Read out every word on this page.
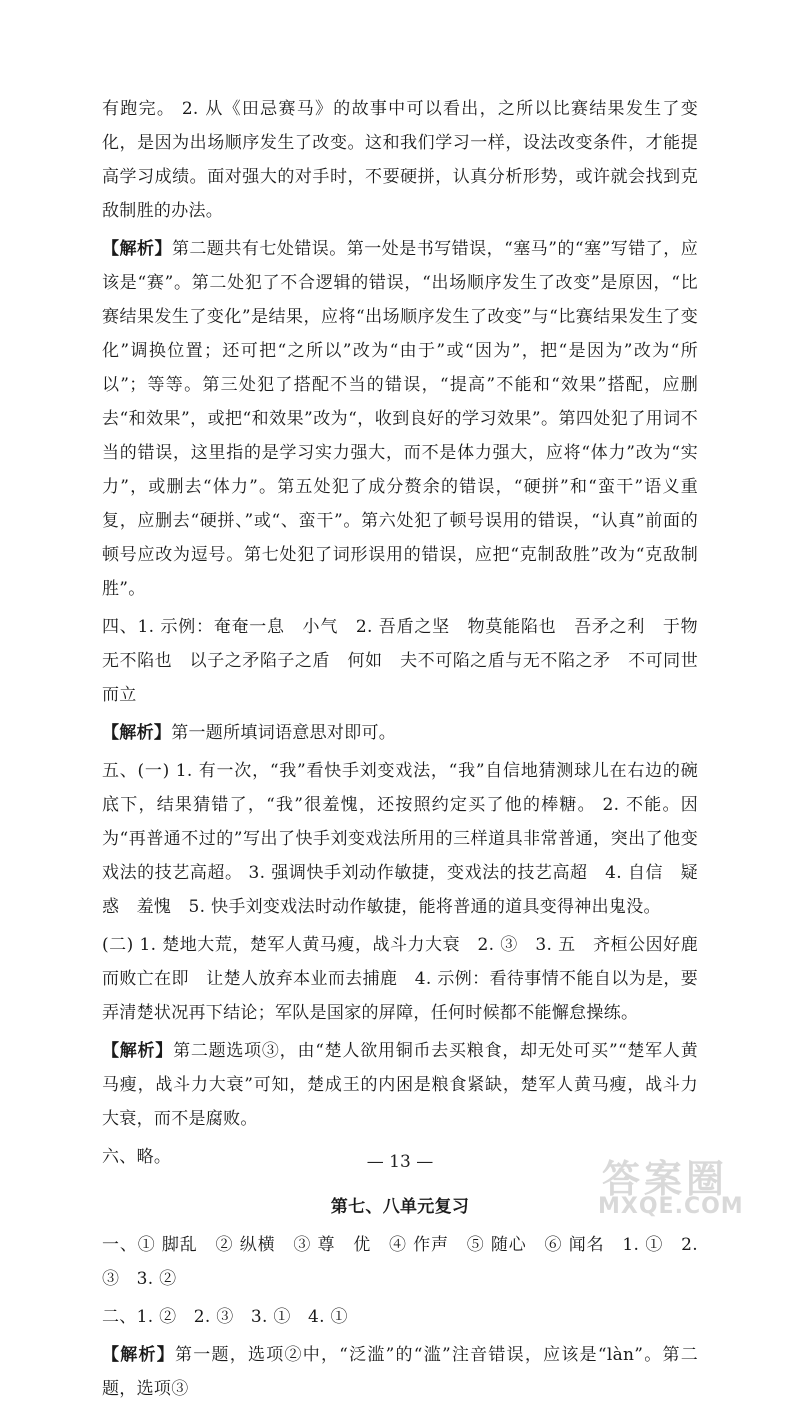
有跑完。 2. 从《田忌赛马》的故事中可以看出，之所以比赛结果发生了变化，是因为出场顺序发生了改变。这和我们学习一样，设法改变条件，才能提高学习成绩。面对强大的对手时，不要硬拼，认真分析形势，或许就会找到克敌制胜的办法。

【解析】第二题共有七处错误。第一处是书写错误，“塞马”的“塞”写错了，应该是“赛”。第二处犯了不合逻辑的错误，“出场顺序发生了改变”是原因，“比赛结果发生了变化”是结果，应将“出场顺序发生了改变”与“比赛结果发生了变化”调换位置；还可把“之所以”改为“由于”或“因为”，把“是因为”改为“所以”；等等。第三处犯了搭配不当的错误，“提高”不能和“效果”搭配，应删去“和效果”，或把“和效果”改为“，收到良好的学习效果”。第四处犯了用词不当的错误，这里指的是学习实力强大，而不是体力强大，应将“体力”改为“实力”，或删去“体力”。第五处犯了成分赘余的错误，“硬拼”和“蛮干”语义重复，应删去“硬拼、”或“、蛮干”。第六处犯了顿号误用的错误，“认真”前面的顿号应改为逗号。第七处犯了词形误用的错误，应把“克制敌胜”改为“克敌制胜”。

四、1. 示例：奄奄一息　小气　2. 吾盾之坚　物莫能陷也　吾矛之利　于物无不陷也　以子之矛陷子之盾　何如　夫不可陷之盾与无不陷之矛　不可同世而立

【解析】第一题所填词语意思对即可。

五、(一) 1. 有一次，“我”看快手刘变戏法，“我”自信地猜测球儿在右边的碗底下，结果猜错了，“我”很羞愧，还按照约定买了他的棒糖。 2. 不能。因为“再普通不过的”写出了快手刘变戏法所用的三样道具非常普通，突出了他变戏法的技艺高超。 3. 强调快手刘动作敏捷，变戏法的技艺高超　4. 自信　疑惑　羞愧　5. 快手刘变戏法时动作敏捷，能将普通的道具变得神出鬼没。

(二) 1. 楚地大荒，楚军人黄马瘦，战斗力大衰　2. ③　3. 五　齐桓公因好鹿而败亡在即　让楚人放弃本业而去捕鹿　4. 示例：看待事情不能自以为是，要弄清楚状况再下结论；军队是国家的屏障，任何时候都不能懈怠操练。

【解析】第二题选项③，由“楚人欲用铜币去买粮食，却无处可买”“楚军人黄马瘦，战斗力大衰”可知，楚成王的内困是粮食紧缺，楚军人黄马瘦，战斗力大衰，而不是腐败。

六、略。

第七、八单元复习

一、① 脚乱　② 纵横　③ 尊　优　④ 作声　⑤ 随心　⑥ 闻名　1. ①　2. ③　3. ②

二、1. ②　2. ③　3. ①　4. ①

【解析】第一题，选项②中，“泛滥”的“滥”注音错误，应该是“làn”。第二题，选项③

— 13 —	答案圈
MXQE.COM
